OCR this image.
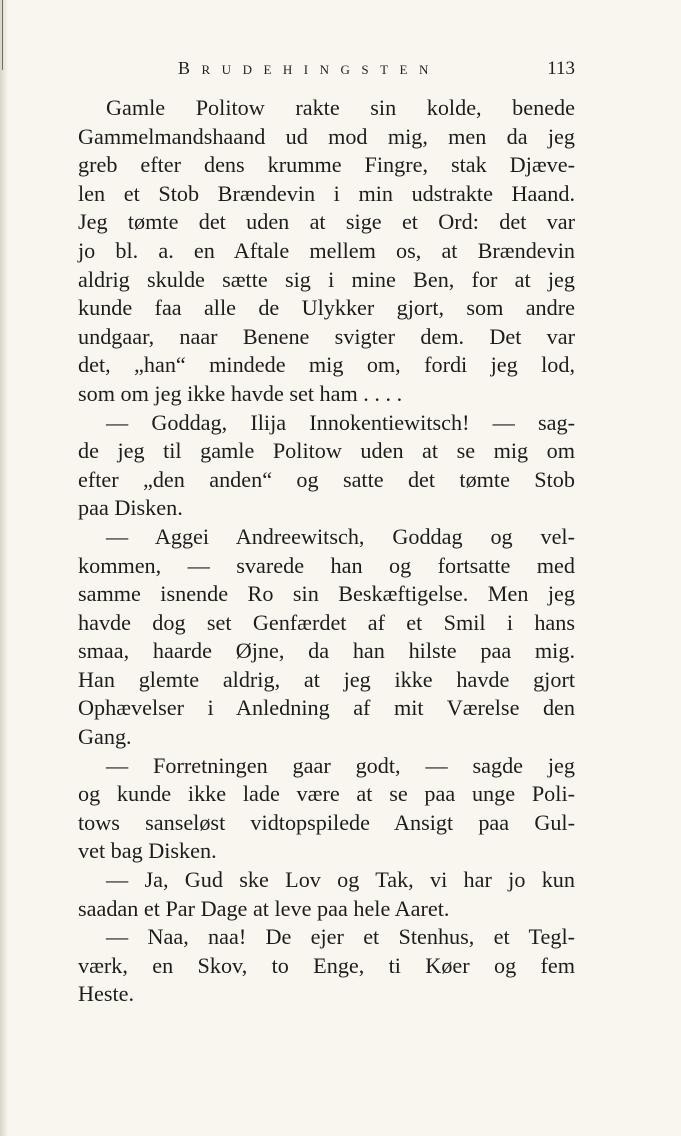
Brudehingsten	113
Gamle Politow rakte sin kolde, benede
Gammelmandshaand ud mod mig, men da jeg
greb efter dens krumme Fingre, stak Djæve-
len et Stob Brændevin i min udstrakte Haand.
Jeg tømte det uden at sige et Ord: det var
jo bl. a. en Aftale mellem os, at Brændevin
aldrig skulde sætte sig i mine Ben, for at jeg
kunde faa alle de Ulykker gjort, som andre
undgaar, naar Benene svigter dem. Det var
det, „han“ mindede mig om, fordi jeg lod,
som om jeg ikke havde set ham . . . .
— Goddag, Ilija Innokentiewitsch! — sag-
de jeg til gamle Politow uden at se mig om
efter „den anden“ og satte det tømte Stob
paa Disken.
— Aggei Andreewitsch, Goddag og vel-
kommen, — svarede han og fortsatte med
samme isnende Ro sin Beskæftigelse. Men jeg
havde dog set Genfærdet af et Smil i hans
smaa, haarde Øjne, da han hilste paa mig.
Han glemte aldrig, at jeg ikke havde gjort
Ophævelser i Anledning af mit Værelse den
Gang.
— Forretningen gaar godt, — sagde jeg
og kunde ikke lade være at se paa unge Poli-
tows sanseløst vidtopspilede Ansigt paa Gul-
vet bag Disken.
— Ja, Gud ske Lov og Tak, vi har jo kun
saadan et Par Dage at leve paa hele Aaret.
— Naa, naa! De ejer et Stenhus, et Tegl-
værk, en Skov, to Enge, ti Køer og fem
Heste.
